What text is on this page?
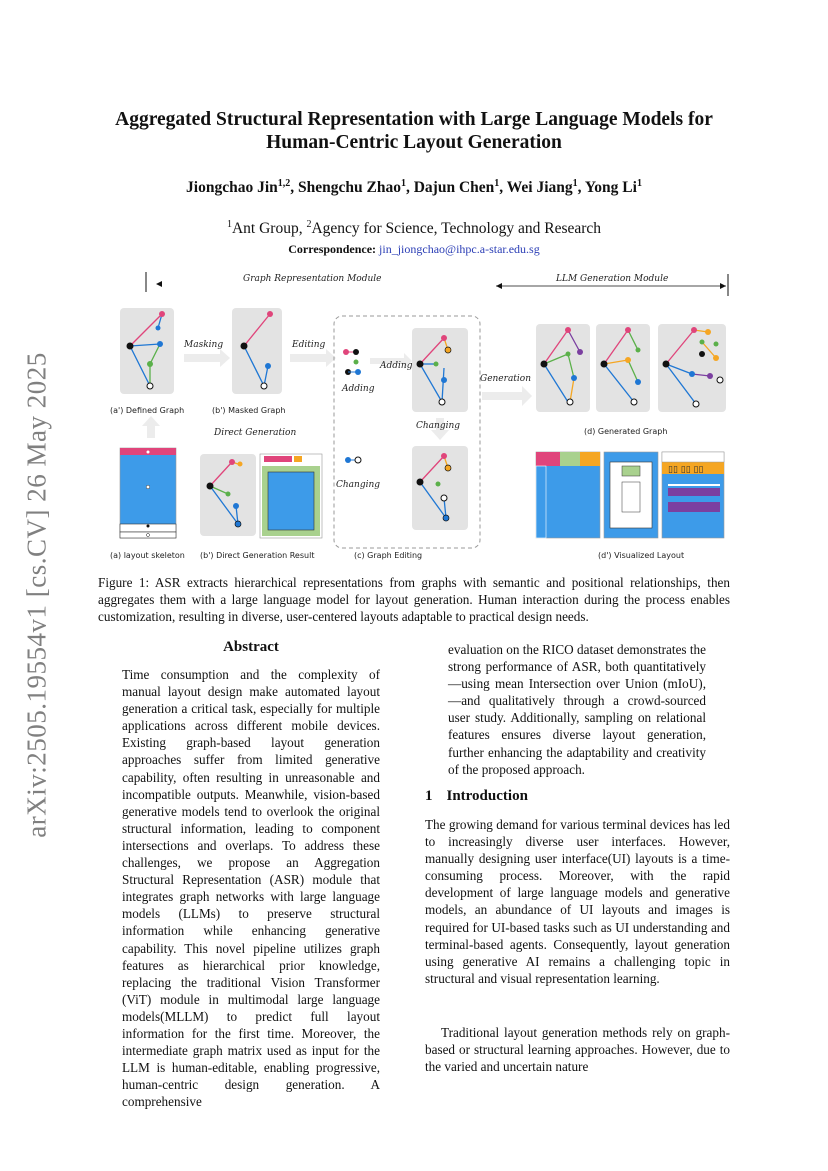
arXiv:2505.19554v1 [cs.CV] 26 May 2025
Aggregated Structural Representation with Large Language Models for Human-Centric Layout Generation
Jiongchao Jin$^{1,2}$, Shengchu Zhao$^1$, Dajun Chen$^1$, Wei Jiang$^1$, Yong Li$^1$
$^1$Ant Group, $^2$Agency for Science, Technology and Research
Correspondence: jin_jiongchao@ihpc.a-star.edu.sg
Graph Representation Module	LLM Generation Module
(a') Defined Graph
Masking
(b') Masked Graph
Editing
Direct Generation
Adding
Adding
Changing
Changing
(c) Graph Editing
Generation
(d) Generated Graph
(a) layout skeleton (b') Direct Generation Result
▯▯ ▯▯ ▯▯
(d') Visualized Layout
Figure 1: ASR extracts hierarchical representations from graphs with semantic and positional relationships, then aggregates them with a large language model for layout generation. Human interaction during the process enables customization, resulting in diverse, user-centered layouts adaptable to practical design needs.
Abstract
Time consumption and the complexity of manual layout design make automated layout generation a critical task, especially for multiple applications across different mobile devices. Existing graph-based layout generation approaches suffer from limited generative capability, often resulting in unreasonable and incompatible outputs. Meanwhile, vision-based generative models tend to overlook the original structural information, leading to component intersections and overlaps. To address these challenges, we propose an Aggregation Structural Representation (ASR) module that integrates graph networks with large language models (LLMs) to preserve structural information while enhancing generative capability. This novel pipeline utilizes graph features as hierarchical prior knowledge, replacing the traditional Vision Transformer (ViT) module in multimodal large language models(MLLM) to predict full layout information for the first time. Moreover, the intermediate graph matrix used as input for the LLM is human-editable, enabling progressive, human-centric design generation. A comprehensive
evaluation on the RICO dataset demonstrates the strong performance of ASR, both quantitatively—using mean Intersection over Union (mIoU), —and qualitatively through a crowd-sourced user study. Additionally, sampling on relational features ensures diverse layout generation, further enhancing the adaptability and creativity of the proposed approach.
1 Introduction
The growing demand for various terminal devices has led to increasingly diverse user interfaces. However, manually designing user interface(UI) layouts is a time-consuming process. Moreover, with the rapid development of large language models and generative models, an abundance of UI layouts and images is required for UI-based tasks such as UI understanding and terminal-based agents. Consequently, layout generation using generative AI remains a challenging topic in structural and visual representation learning.
Traditional layout generation methods rely on graph-based or structural learning approaches. However, due to the varied and uncertain nature
